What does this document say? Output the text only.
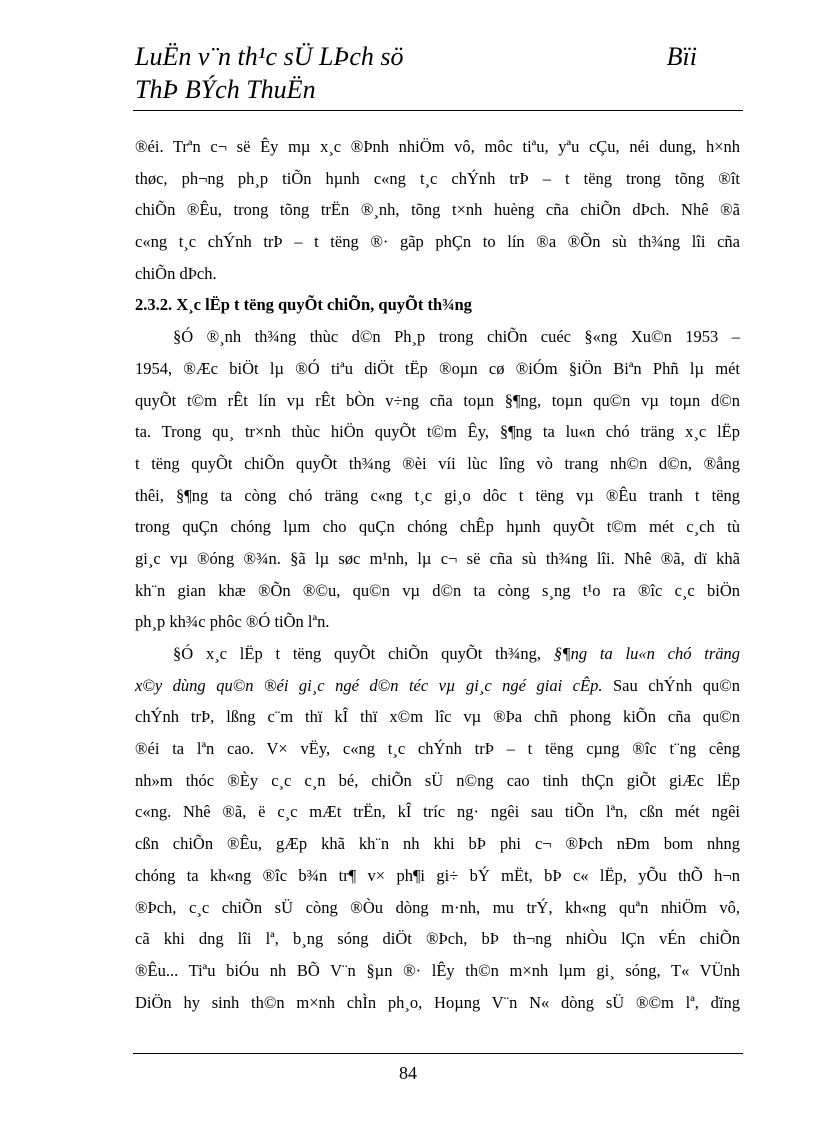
LuËn v¨n th¹c sÜ LÞch sö
ThÞ BÝch ThuËn
Bïi
®éi. Trªn c¬ së Êy mµ x¸c ®Þnh nhiÖm vô, môc tiªu, yªu cÇu, néi dung, h×nh
thøc, ph¬ng ph¸p tiÕn hµnh c«ng t¸c chÝnh trÞ – t tëng trong tõng ®ît
chiÕn ®Êu, trong tõng trËn ®¸nh, tõng t×nh huèng cña chiÕn dÞch. Nhê ®ã
c«ng t¸c chÝnh trÞ – t tëng ®· gãp phÇn to lín ®a ®Õn sù th¾ng lîi cña
chiÕn dÞch.
2.3.2. X¸c lËp t tëng quyÕt chiÕn, quyÕt th¾ng
§Ó ®¸nh th¾ng thùc d©n Ph¸p trong chiÕn cuéc §«ng Xu©n 1953 –
1954, ®Æc biÖt lµ ®Ó tiªu diÖt tËp ®oµn cø ®iÓm §iÖn Biªn Phñ lµ mét
quyÕt t©m rÊt lín vµ rÊt bÒn v÷ng cña toµn §¶ng, toµn qu©n vµ toµn d©n
ta. Trong qu¸ tr×nh thùc hiÖn quyÕt t©m Êy, §¶ng ta lu«n chó träng x¸c lËp
t tëng quyÕt chiÕn quyÕt th¾ng ®èi víi lùc lîng vò trang nh©n d©n, ®ång
thêi, §¶ng ta còng chó träng c«ng t¸c gi¸o dôc t tëng vµ ®Êu tranh t tëng
trong quÇn chóng lµm cho quÇn chóng chÊp hµnh quyÕt t©m mét c¸ch tù
gi¸c vµ ®óng ®¾n. §ã lµ søc m¹nh, lµ c¬ së cña sù th¾ng lîi. Nhê ®ã, dï khã
kh¨n gian khæ ®Õn ®©u, qu©n vµ d©n ta còng s¸ng t¹o ra ®îc c¸c biÖn
ph¸p kh¾c phôc ®Ó tiÕn lªn.
§Ó x¸c lËp t tëng quyÕt chiÕn quyÕt th¾ng, §¶ng ta lu«n chó träng
x©y dùng qu©n ®éi gi¸c ngé d©n téc vµ gi¸c ngé giai cÊp. Sau chÝnh qu©n
chÝnh trÞ, lßng c¨m thï kÎ thï x©m lîc vµ ®Þa chñ phong kiÕn cña qu©n
®éi ta lªn cao. V× vËy, c«ng t¸c chÝnh trÞ – t tëng cµng ®îc t¨ng cêng
nh»m thóc ®Èy c¸c c¸n bé, chiÕn sÜ n©ng cao tinh thÇn giÕt giÆc lËp
c«ng. Nhê ®ã, ë c¸c mÆt trËn, kÎ tríc ng· ngêi sau tiÕn lªn, cßn mét ngêi
cßn chiÕn ®Êu, gÆp khã kh¨n nh khi bÞ phi c¬ ®Þch nÐm bom nhng
chóng ta kh«ng ®îc b¾n tr¶ v× ph¶i gi÷ bÝ mËt, bÞ c« lËp, yÕu thÕ h¬n
®Þch, c¸c chiÕn sÜ còng ®Òu dòng m·nh, mu trÝ, kh«ng quªn nhiÖm vô,
cã khi dng lîi lª, b¸ng sóng diÖt ®Þch, bÞ th¬ng nhiÒu lÇn vÉn chiÕn
®Êu... Tiªu biÓu nh BÕ V¨n §µn ®· lÊy th©n m×nh lµm gi¸ sóng, T« VÜnh
DiÖn hy sinh th©n m×nh chÌn ph¸o, Hoµng V¨n N« dòng sÜ ®©m lª, dïng
84
